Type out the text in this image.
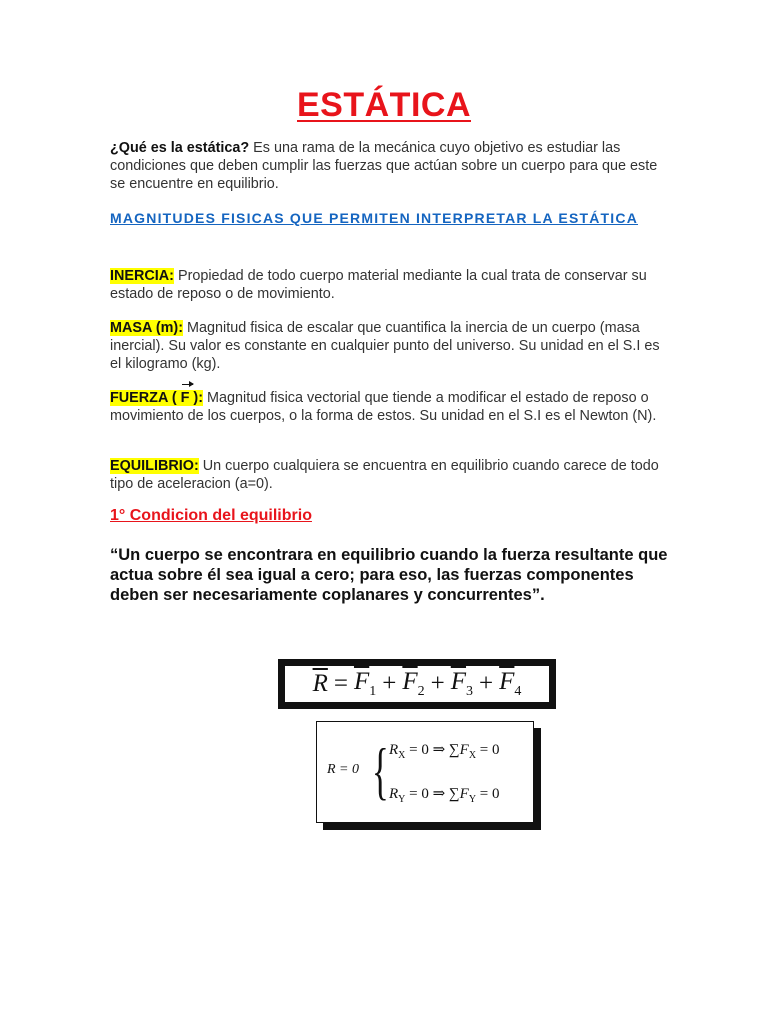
ESTÁTICA
¿Qué es la estática? Es una rama de la mecánica cuyo objetivo es estudiar las condiciones que deben cumplir las fuerzas que actúan sobre un cuerpo para que este se encuentre en equilibrio.
MAGNITUDES FISICAS QUE PERMITEN INTERPRETAR LA ESTÁTICA
INERCIA: Propiedad de todo cuerpo material mediante la cual trata de conservar su estado de reposo o de movimiento.
MASA (m): Magnitud fisica de escalar que cuantifica la inercia de un cuerpo (masa inercial). Su valor es constante en cualquier punto del universo. Su unidad en el S.I es el kilogramo (kg).
FUERZA ( F ): Magnitud fisica vectorial que tiende a modificar el estado de reposo o movimiento de los cuerpos, o la forma de estos. Su unidad en el S.I es el Newton (N).
EQUILIBRIO: Un cuerpo cualquiera se encuentra en equilibrio cuando carece de todo tipo de aceleracion (a=0).
1° Condicion del equilibrio
“Un cuerpo se encontrara en equilibrio cuando la fuerza resultante que actua sobre él sea igual a cero; para eso, las fuerzas componentes deben ser necesariamente coplanares y concurrentes”.
$\overline{R} = \overline{F}_1 + \overline{F}_2 + \overline{F}_3 + \overline{F}_4$
R = 0 { $R_X = 0$ ⇒ $\sum F_X = 0$
$R_Y = 0$ ⇒ $\sum F_Y = 0$
